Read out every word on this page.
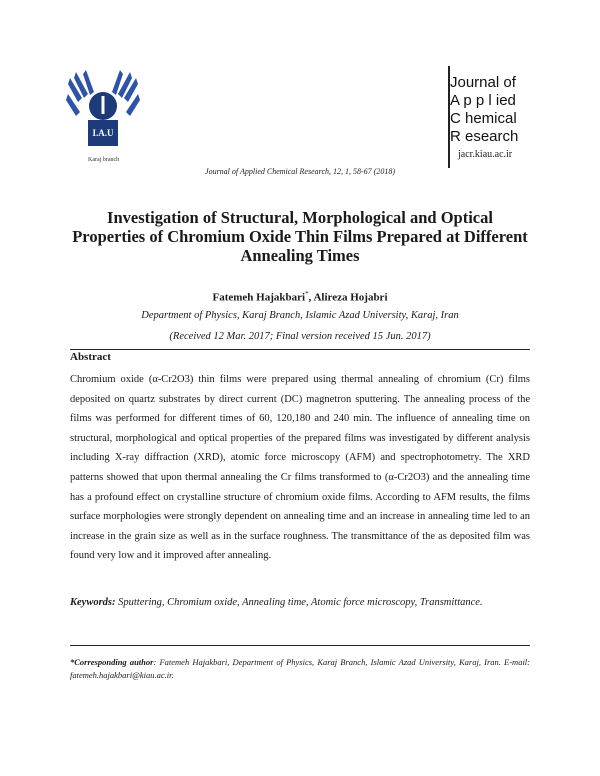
I.A.U
Karaj branch
Journal of
A p p l ied
C hemical
R esearch
jacr.kiau.ac.ir
Journal of Applied Chemical Research, 12, 1, 58-67 (2018)
Investigation of Structural, Morphological and Optical Properties of Chromium Oxide Thin Films Prepared at Different Annealing Times
Fatemeh Hajakbari*, Alireza Hojabri
Department of Physics, Karaj Branch, Islamic Azad University, Karaj, Iran
(Received 12 Mar. 2017; Final version received 15 Jun. 2017)
Abstract

Chromium oxide (α-Cr2O3) thin films were prepared using thermal annealing of chromium (Cr) films deposited on quartz substrates by direct current (DC) magnetron sputtering. The annealing process of the films was performed for different times of 60, 120,180 and 240 min. The influence of annealing time on structural, morphological and optical properties of the prepared films was investigated by different analysis including X-ray diffraction (XRD), atomic force microscopy (AFM) and spectrophotometry. The XRD patterns showed that upon thermal annealing the Cr films transformed to (α-Cr2O3) and the annealing time has a profound effect on crystalline structure of chromium oxide films. According to AFM results, the films surface morphologies were strongly dependent on annealing time and an increase in annealing time led to an increase in the grain size as well as in the surface roughness. The transmittance of the as deposited film was found very low and it improved after annealing.

Keywords: Sputtering, Chromium oxide, Annealing time, Atomic force microscopy, Transmittance.

*Corresponding author: Fatemeh Hajakbari, Department of Physics, Karaj Branch, Islamic Azad University, Karaj, Iran. E-mail: fatemeh.hajakbari@kiau.ac.ir.
